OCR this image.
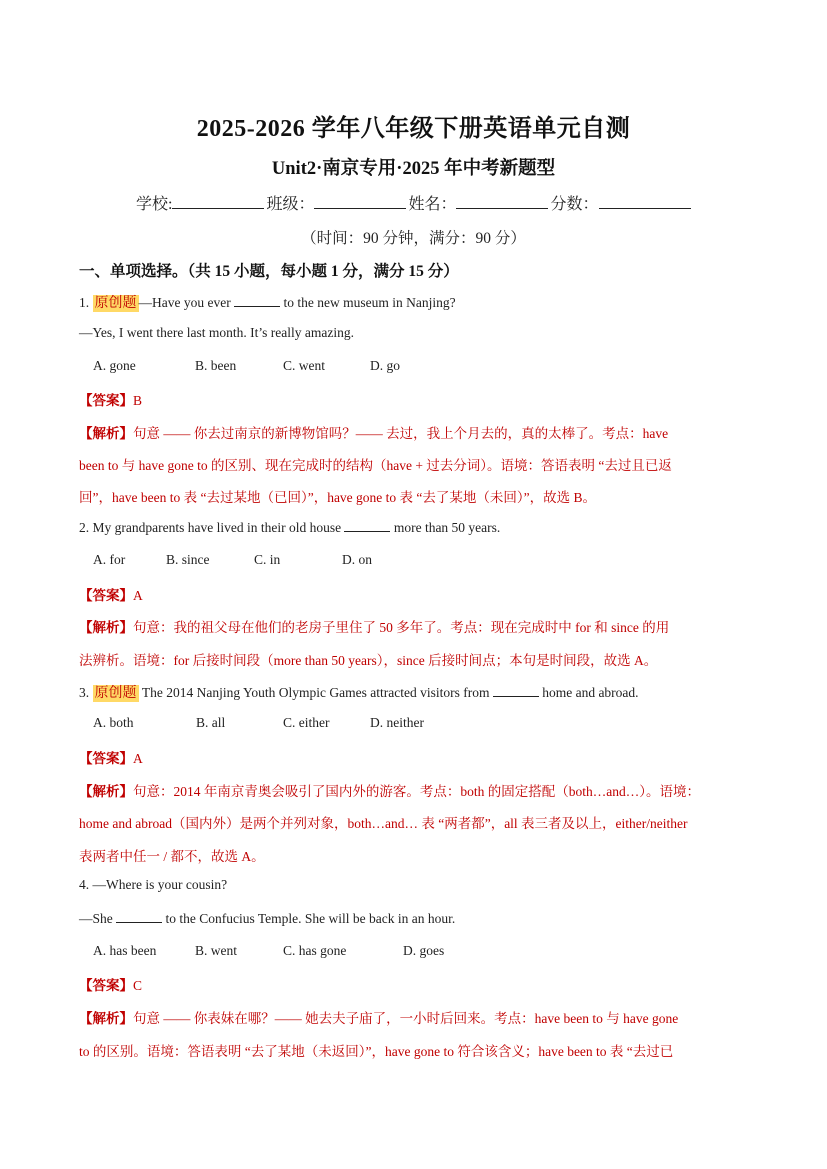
2025-2026 学年八年级下册英语单元自测
Unit2·南京专用·2025 年中考新题型
学校:	班级：	姓名：	分数：
（时间：90 分钟，满分：90 分）
一、单项选择。（共 15 小题，每小题 1 分，满分 15 分）
1. 原创题 —Have you ever	to the new museum in Nanjing?
—Yes, I went there last month. It’s really amazing.
A. gone	B. been	C. went	D. go
【答案】B
【解析】句意 —— 你去过南京的新博物馆吗？—— 去过，我上个月去的，真的太棒了。考点：have
been to 与 have gone to 的区别、现在完成时的结构（have + 过去分词）。语境：答语表明 “去过且已返
回”，have been to 表 “去过某地（已回）”，have gone to 表 “去了某地（未回）”，故选 B。
2. My grandparents have lived in their old house	more than 50 years.
A. for	B. since	C. in	D. on
【答案】A
【解析】句意：我的祖父母在他们的老房子里住了 50 多年了。考点：现在完成时中 for 和 since 的用
法辨析。语境：for 后接时间段（more than 50 years），since 后接时间点；本句是时间段，故选 A。
3. 原创题 The 2014 Nanjing Youth Olympic Games attracted visitors from	home and abroad.
A. both	B. all	C. either	D. neither
【答案】A
【解析】句意：2014 年南京青奥会吸引了国内外的游客。考点：both 的固定搭配（both…and…）。语境：
home and abroad（国内外）是两个并列对象，both…and… 表 “两者都”，all 表三者及以上，either/neither
表两者中任一 / 都不，故选 A。
4. —Where is your cousin?
—She	to the Confucius Temple. She will be back in an hour.
A. has been	B. went	C. has gone	D. goes
【答案】C
【解析】句意 —— 你表妹在哪？—— 她去夫子庙了，一小时后回来。考点：have been to 与 have gone
to 的区别。语境：答语表明 “去了某地（未返回）”，have gone to 符合该含义；have been to 表 “去过已
